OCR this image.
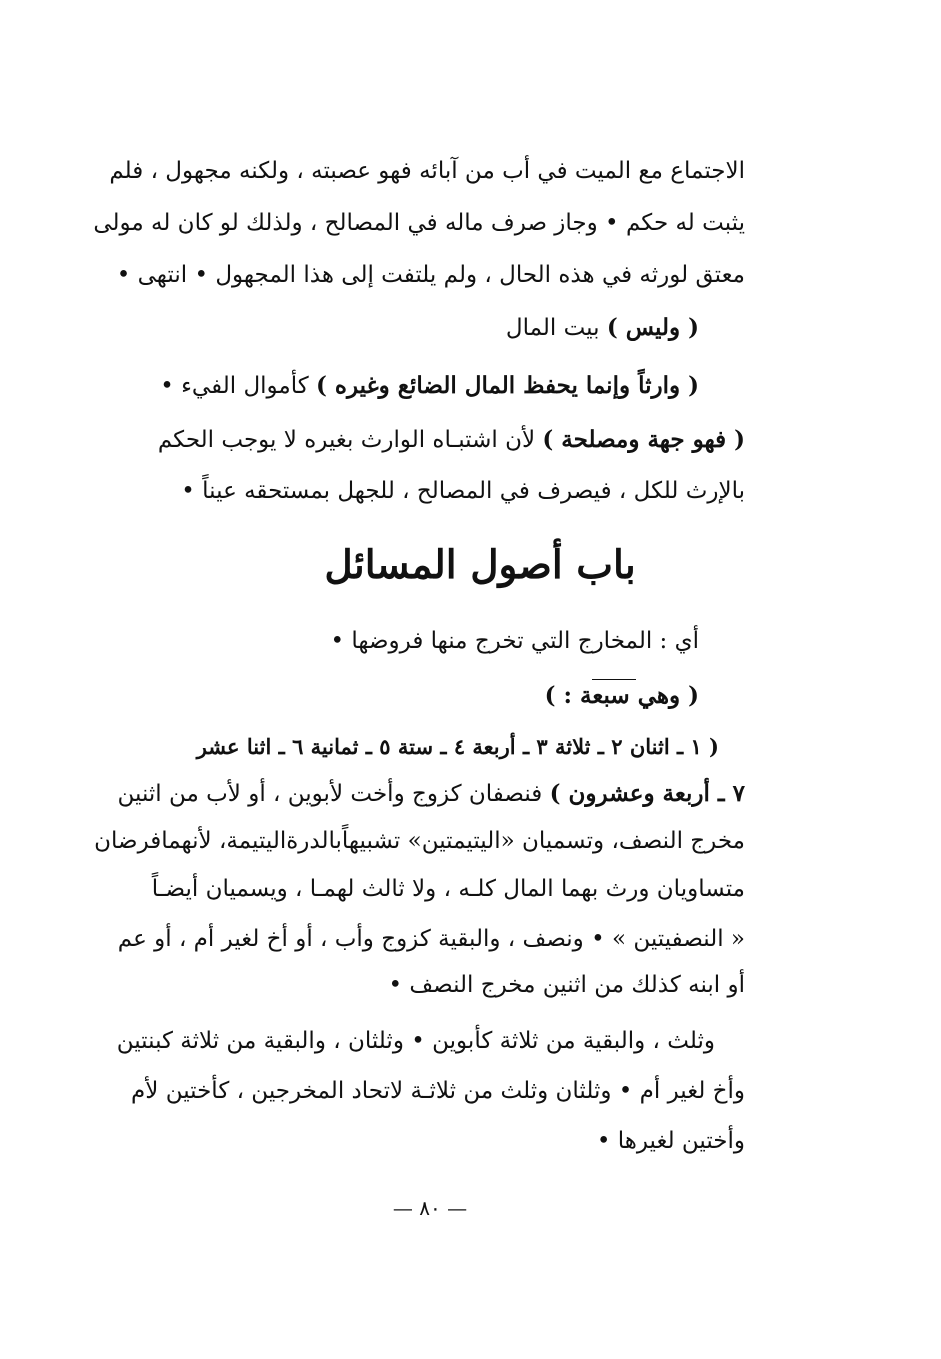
الاجتماع مع الميت في أب من آبائه فهو عصبته ، ولكنه مجهول ، فلم
يثبت له حكم • وجاز صرف ماله في المصالح ، ولذلك لو كان له مولى
معتق لورثه في هذه الحال ، ولم يلتفت إلى هذا المجهول • انتهى •
( وليس ) بيت المال
( وارثاً وإنما يحفظ المال الضائع وغيره ) كأموال الفيء •
( فهو جهة ومصلحة ) لأن اشتبـاه الوارث بغيره لا يوجب الحكم
بالإرث للكل ، فيصرف في المصالح ، للجهل بمستحقه عيناً •
باب أصول المسائل
أي : المخارج التي تخرج منها فروضها •
( وهي سبعة : )
( ١ ـ اثنان ٢ ـ ثلاثة ٣ ـ أربعة ٤ ـ ستة ٥ ـ ثمانية ٦ ـ اثنا عشر
٧ ـ أربعة وعشرون ) فنصفان كزوج وأخت لأبوين ، أو لأب من اثنين
مخرج النصف، وتسميان «اليتيمتين» تشبيهاًبالدرةاليتيمة، لأنهمافرضان
متساويان ورث بهما المال كلـه ، ولا ثالث لهمـا ، ويسميان أيضـاً
« النصفيتين » • ونصف ، والبقية كزوج وأب ، أو أخ لغير أم ، أو عم
أو ابنه كذلك من اثنين مخرج النصف •
وثلث ، والبقية من ثلاثة كأبوين • وثلثان ، والبقية من ثلاثة كبنتين
وأخ لغير أم • وثلثان وثلث من ثلاثـة لاتحاد المخرجين ، كأختين لأم
وأختين لغيرها •
— ٨٠ —
